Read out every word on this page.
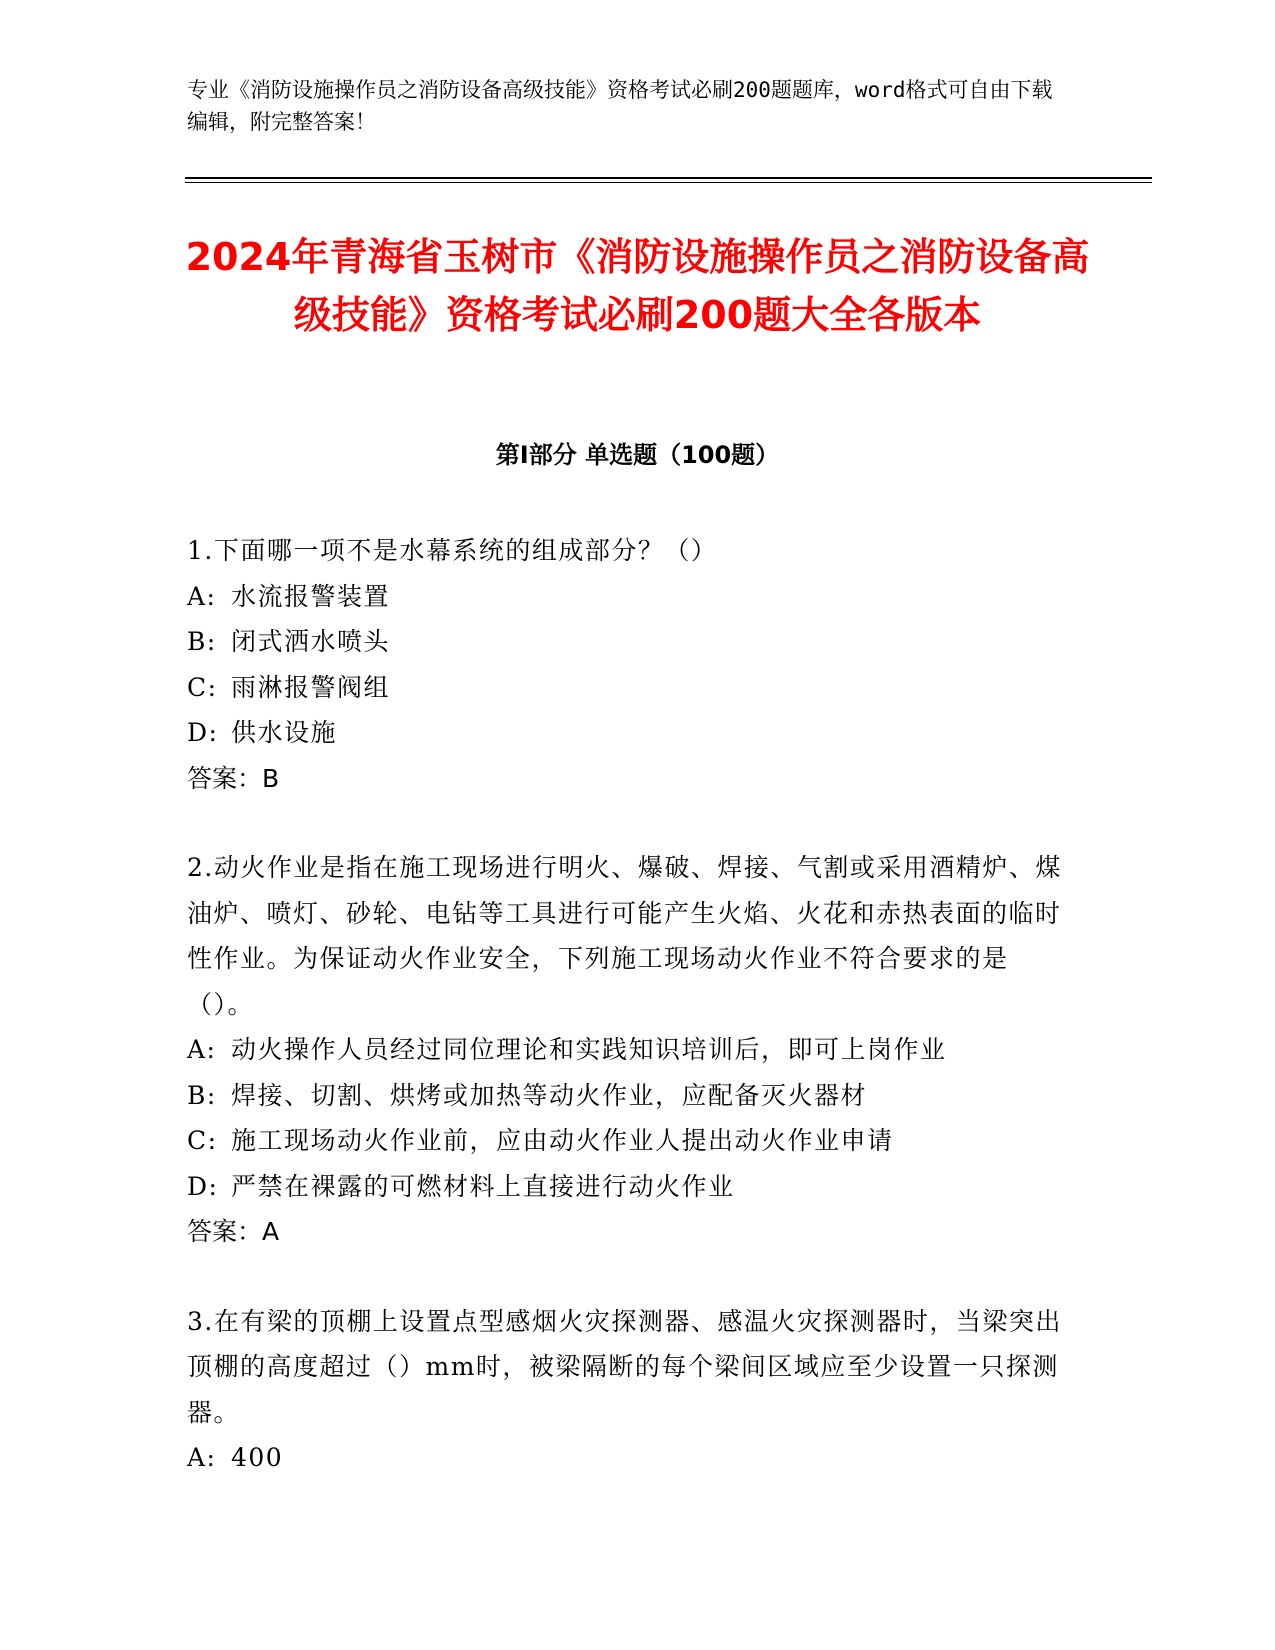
专业《消防设施操作员之消防设备高级技能》资格考试必刷200题题库，word格式可自由下载编辑，附完整答案！
2024年青海省玉树市《消防设施操作员之消防设备高级技能》资格考试必刷200题大全各版本
第I部分 单选题（100题）
1.下面哪一项不是水幕系统的组成部分？（）
A: 水流报警装置
B: 闭式洒水喷头
C: 雨淋报警阀组
D: 供水设施
答案：B
2.动火作业是指在施工现场进行明火、爆破、焊接、气割或采用酒精炉、煤油炉、喷灯、砂轮、电钻等工具进行可能产生火焰、火花和赤热表面的临时性作业。为保证动火作业安全，下列施工现场动火作业不符合要求的是（）。
A: 动火操作人员经过同位理论和实践知识培训后，即可上岗作业
B: 焊接、切割、烘烤或加热等动火作业，应配备灭火器材
C: 施工现场动火作业前，应由动火作业人提出动火作业申请
D: 严禁在裸露的可燃材料上直接进行动火作业
答案：A
3.在有梁的顶棚上设置点型感烟火灾探测器、感温火灾探测器时，当梁突出顶棚的高度超过（）mm时，被梁隔断的每个梁间区域应至少设置一只探测器。
A: 400
